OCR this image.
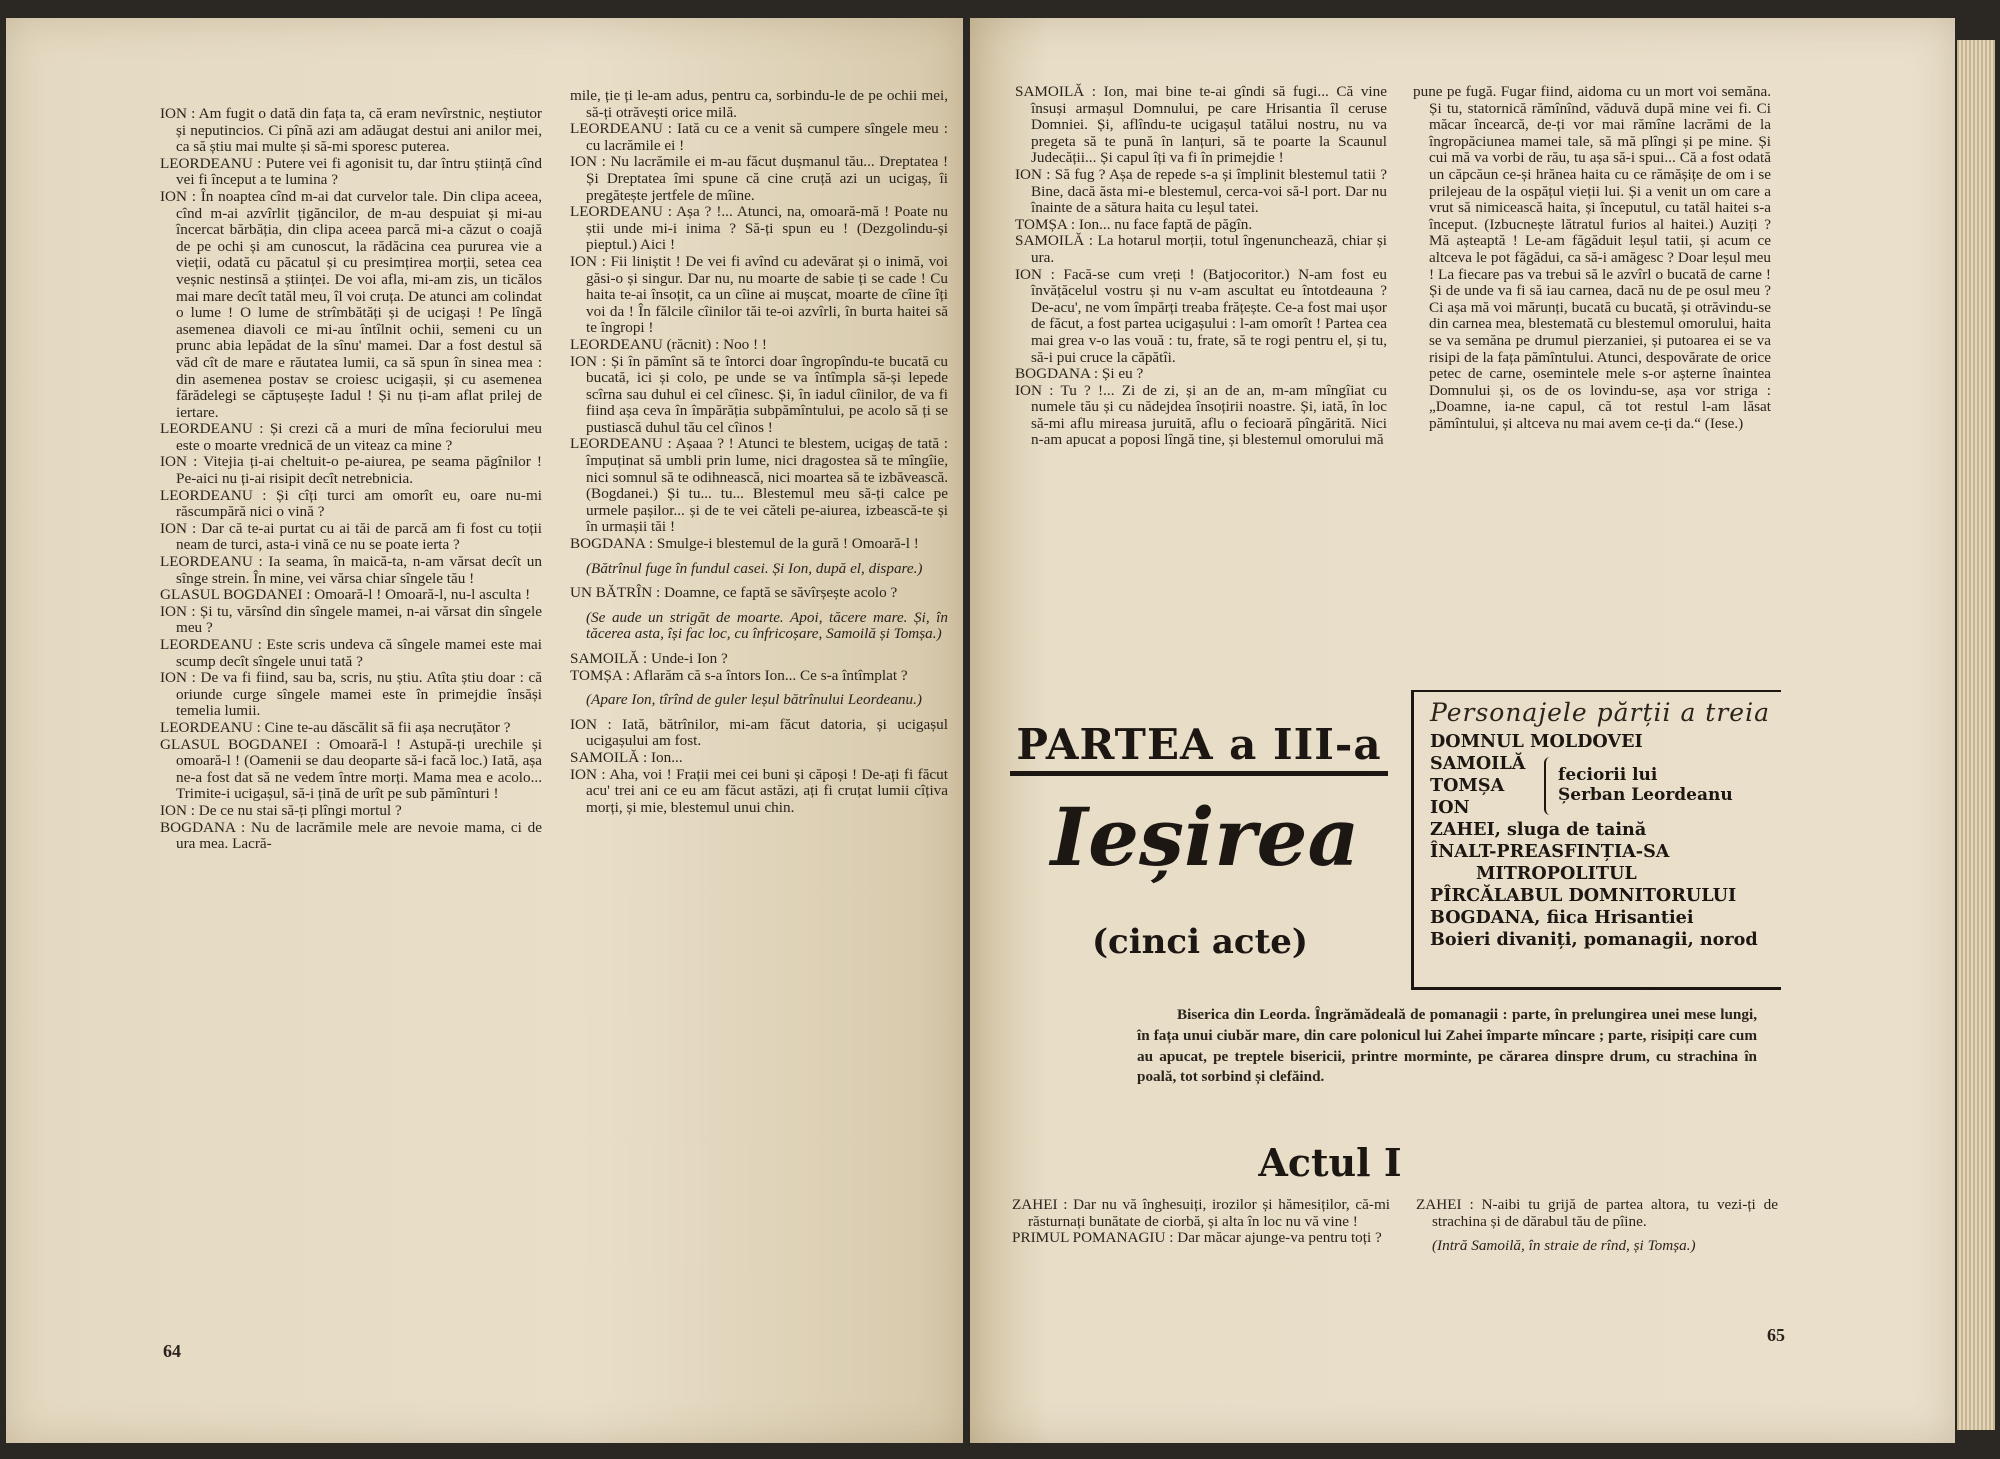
ION : Am fugit o dată din fața ta, că eram nevîrstnic, neștiutor și neputincios. Ci pînă azi am adăugat destui ani anilor mei, ca să știu mai multe și să-mi sporesc puterea.

LEORDEANU : Putere vei fi agonisit tu, dar întru știință cînd vei fi început a te lumina ?

ION : În noaptea cînd m-ai dat curvelor tale. Din clipa aceea, cînd m-ai azvîrlit țigăncilor, de m-au despuiat și mi-au încercat bărbăția, din clipa aceea parcă mi-a căzut o coajă de pe ochi și am cunoscut, la rădăcina cea pururea vie a vieții, odată cu păcatul și cu presimțirea morții, setea cea veșnic nestinsă a științei. De voi afla, mi-am zis, un ticălos mai mare decît tatăl meu, îl voi cruța. De atunci am colindat o lume ! O lume de strîmbătăți și de ucigași ! Pe lîngă asemenea diavoli ce mi-au întîlnit ochii, semeni cu un prunc abia lepădat de la sînu' mamei. Dar a fost destul să văd cît de mare e răutatea lumii, ca să spun în sinea mea : din asemenea postav se croiesc ucigașii, și cu asemenea fărădelegi se căptușește Iadul ! Și nu ți-am aflat prilej de iertare.

LEORDEANU : Și crezi că a muri de mîna feciorului meu este o moarte vrednică de un viteaz ca mine ?

ION : Vitejia ți-ai cheltuit-o pe-aiurea, pe seama păgînilor ! Pe-aici nu ți-ai risipit decît netrebnicia.

LEORDEANU : Și cîți turci am omorît eu, oare nu-mi răscumpără nici o vină ?

ION : Dar că te-ai purtat cu ai tăi de parcă am fi fost cu toții neam de turci, asta-i vină ce nu se poate ierta ?

LEORDEANU : Ia seama, în maică-ta, n-am vărsat decît un sînge strein. În mine, vei vărsa chiar sîngele tău !

GLASUL BOGDANEI : Omoară-l ! Omoară-l, nu-l asculta !

ION : Și tu, vărsînd din sîngele mamei, n-ai vărsat din sîngele meu ?

LEORDEANU : Este scris undeva că sîngele mamei este mai scump decît sîngele unui tată ?

ION : De va fi fiind, sau ba, scris, nu știu. Atîta știu doar : că oriunde curge sîngele mamei este în primejdie însăși temelia lumii.

LEORDEANU : Cine te-au dăscălit să fii așa necruțător ?

GLASUL BOGDANEI : Omoară-l ! Astupă-ți urechile și omoară-l ! (Oamenii se dau deoparte să-i facă loc.) Iată, așa ne-a fost dat să ne vedem între morți. Mama mea e acolo... Trimite-i ucigașul, să-i țină de urît pe sub pămînturi !

ION : De ce nu stai să-ți plîngi mortul ?

BOGDANA : Nu de lacrămile mele are nevoie mama, ci de ura mea. Lacră-

mile, ție ți le-am adus, pentru ca, sorbindu-le de pe ochii mei, să-ți otrăvești orice milă.

LEORDEANU : Iată cu ce a venit să cumpere sîngele meu : cu lacrămile ei !

ION : Nu lacrămile ei m-au făcut dușmanul tău... Dreptatea ! Și Dreptatea îmi spune că cine cruță azi un ucigaș, îi pregătește jertfele de mîine.

LEORDEANU : Așa ? !... Atunci, na, omoară-mă ! Poate nu știi unde mi-i inima ? Să-ți spun eu ! (Dezgolindu-și pieptul.) Aici !

ION : Fii liniștit ! De vei fi avînd cu adevărat și o inimă, voi găsi-o și singur. Dar nu, nu moarte de sabie ți se cade ! Cu haita te-ai însoțit, ca un cîine ai mușcat, moarte de cîine îți voi da ! În fălcile cîinilor tăi te-oi azvîrli, în burta haitei să te îngropi !

LEORDEANU (răcnit) : Noo ! !

ION : Și în pămînt să te întorci doar îngropîndu-te bucată cu bucată, ici și colo, pe unde se va întîmpla să-și lepede scîrna sau duhul ei cel cîinesc. Și, în iadul cîinilor, de va fi fiind așa ceva în împărăția subpămîntului, pe acolo să ți se pustiască duhul tău cel cîinos !

LEORDEANU : Așaaa ? ! Atunci te blestem, ucigaș de tată : împuținat să umbli prin lume, nici dragostea să te mîngîie, nici somnul să te odihnească, nici moartea să te izbăvească. (Bogdanei.) Și tu... tu... Blestemul meu să-ți calce pe urmele pașilor... și de te vei căteli pe-aiurea, izbească-te și în urmașii tăi !

BOGDANA : Smulge-i blestemul de la gură ! Omoară-l !

(Bătrînul fuge în fundul casei. Și Ion, după el, dispare.)

UN BĂTRÎN : Doamne, ce faptă se săvîrșește acolo ?

(Se aude un strigăt de moarte. Apoi, tăcere mare. Și, în tăcerea asta, își fac loc, cu înfricoșare, Samoilă și Tomșa.)

SAMOILĂ : Unde-i Ion ?

TOMȘA : Aflarăm că s-a întors Ion... Ce s-a întîmplat ?

(Apare Ion, tîrînd de guler leșul bătrînului Leordeanu.)

ION : Iată, bătrînilor, mi-am făcut datoria, și ucigașul ucigașului am fost.

SAMOILĂ : Ion...

ION : Aha, voi ! Frații mei cei buni și căpoși ! De-ați fi făcut acu' trei ani ce eu am făcut astăzi, ați fi cruțat lumii cîțiva morți, și mie, blestemul unui chin.

64

SAMOILĂ : Ion, mai bine te-ai gîndi să fugi... Că vine însuși armașul Domnului, pe care Hrisantia îl ceruse Domniei. Și, aflîndu-te ucigașul tatălui nostru, nu va pregeta să te pună în lanțuri, să te poarte la Scaunul Judecății... Și capul îți va fi în primejdie !

ION : Să fug ? Așa de repede s-a și împlinit blestemul tatii ? Bine, dacă ăsta mi-e blestemul, cerca-voi să-l port. Dar nu înainte de a sătura haita cu leșul tatei.

TOMȘA : Ion... nu face faptă de păgîn.

SAMOILĂ : La hotarul morții, totul îngenunchează, chiar și ura.

ION : Facă-se cum vreți ! (Batjocoritor.) N-am fost eu învățăcelul vostru și nu v-am ascultat eu întotdeauna ? De-acu', ne vom împărți treaba frățește. Ce-a fost mai ușor de făcut, a fost partea ucigașului : l-am omorît ! Partea cea mai grea v-o las vouă : tu, frate, să te rogi pentru el, și tu, să-i pui cruce la căpătîi.

BOGDANA : Și eu ?

ION : Tu ? !... Zi de zi, și an de an, m-am mîngîiat cu numele tău și cu nădejdea însoțirii noastre. Și, iată, în loc să-mi aflu mireasa juruită, aflu o fecioară pîngărită. Nici n-am apucat a poposi lîngă tine, și blestemul omorului mă

pune pe fugă. Fugar fiind, aidoma cu un mort voi semăna. Și tu, statornică rămînînd, văduvă după mine vei fi. Ci măcar încearcă, de-ți vor mai rămîne lacrămi de la îngropăciunea mamei tale, să mă plîngi și pe mine. Și cui mă va vorbi de rău, tu așa să-i spui... Că a fost odată un căpcăun ce-și hrănea haita cu ce rămășițe de om i se prilejeau de la ospățul vieții lui. Și a venit un om care a vrut să nimicească haita, și începutul, cu tatăl haitei s-a început. (Izbucnește lătratul furios al haitei.) Auziți ? Mă așteaptă ! Le-am făgăduit leșul tatii, și acum ce altceva le pot făgădui, ca să-i amăgesc ? Doar leșul meu ! La fiecare pas va trebui să le azvîrl o bucată de carne ! Și de unde va fi să iau carnea, dacă nu de pe osul meu ? Ci așa mă voi mărunți, bucată cu bucată, și otrăvindu-se din carnea mea, blestemată cu blestemul omorului, haita se va semăna pe drumul pierzaniei, și putoarea ei se va risipi de la fața pămîntului. Atunci, despovărate de orice petec de carne, osemintele mele s-or așterne înaintea Domnului și, os de os lovindu-se, așa vor striga : „Doamne, ia-ne capul, că tot restul l-am lăsat pămîntului, și altceva nu mai avem ce-ți da.“ (Iese.)

PARTEA a III-a
Ieșirea
(cinci acte)
Personajele părții a treia
DOMNUL MOLDOVEI
SAMOILĂ
TOMȘA
ION
feciorii lui
Șerban Leordeanu
ZAHEI, sluga de taină
ÎNALT-PREASFINȚIA-SA
MITROPOLITUL
PÎRCĂLABUL DOMNITORULUI
BOGDANA, fiica Hrisantiei
Boieri divaniți, pomanagii, norod
Biserica din Leorda. Îngrămădeală de pomanagii : parte, în prelungirea unei mese lungi, în fața unui ciubăr mare, din care polonicul lui Zahei împarte mîncare ; parte, risipiți care cum au apucat, pe treptele bisericii, printre morminte, pe cărarea dinspre drum, cu strachina în poală, tot sorbind și clefăind.
Actul I

ZAHEI : Dar nu vă înghesuiți, irozilor și hămesiților, că-mi răsturnați bunătate de ciorbă, și alta în loc nu vă vine !

PRIMUL POMANAGIU : Dar măcar ajunge-va pentru toți ?

ZAHEI : N-aibi tu grijă de partea altora, tu vezi-ți de strachina și de dărabul tău de pîine.

(Intră Samoilă, în straie de rînd, și Tomșa.)

65
